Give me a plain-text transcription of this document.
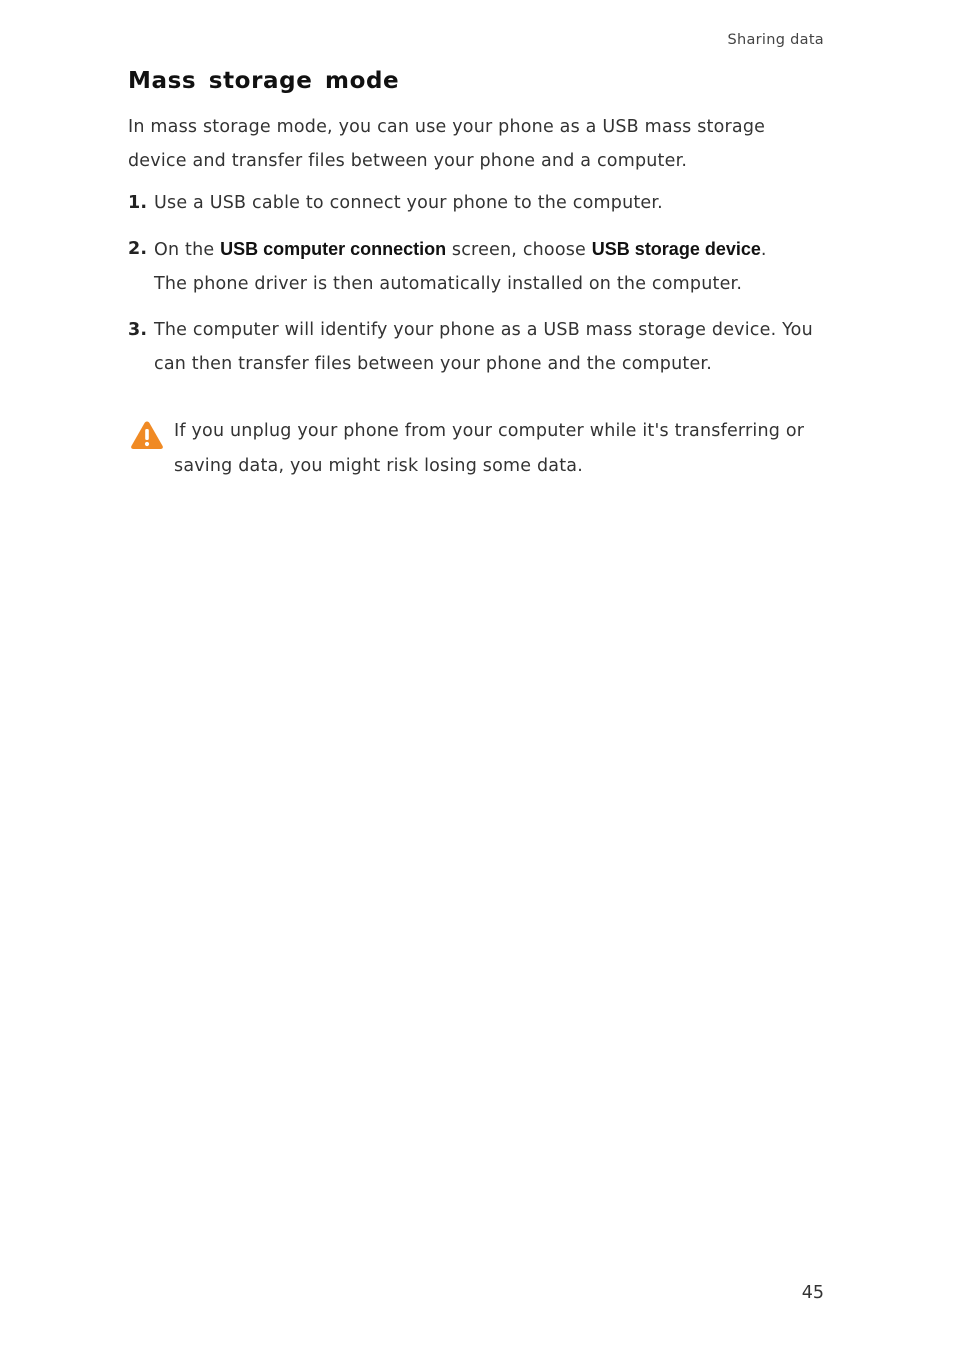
Sharing data
Mass storage mode

In mass storage mode, you can use your phone as a USB mass storage device and transfer files between your phone and a computer.

1. Use a USB cable to connect your phone to the computer.
2. On the USB computer connection screen, choose USB storage device.
The phone driver is then automatically installed on the computer.
3. The computer will identify your phone as a USB mass storage device. You can then transfer files between your phone and the computer.

If you unplug your phone from your computer while it's transferring or saving data, you might risk losing some data.

45
